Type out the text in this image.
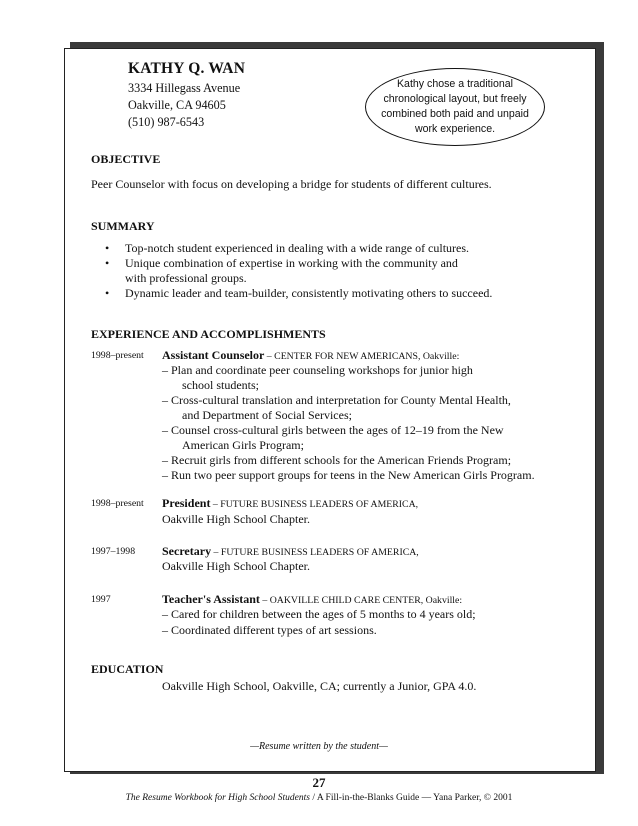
KATHY Q. WAN
3334 Hillegass Avenue
Oakville, CA 94605
(510) 987-6543
Kathy chose a traditional
chronological layout, but freely
combined both paid and unpaid
work experience.
OBJECTIVE
Peer Counselor with focus on developing a bridge for students of different cultures.
SUMMARY
• Top-notch student experienced in dealing with a wide range of cultures.
• Unique combination of expertise in working with the community and
with professional groups.
• Dynamic leader and team-builder, consistently motivating others to succeed.
EXPERIENCE AND ACCOMPLISHMENTS
1998–present Assistant Counselor – CENTER FOR NEW AMERICANS, Oakville:
– Plan and coordinate peer counseling workshops for junior high
school students;
– Cross-cultural translation and interpretation for County Mental Health,
and Department of Social Services;
– Counsel cross-cultural girls between the ages of 12–19 from the New
American Girls Program;
– Recruit girls from different schools for the American Friends Program;
– Run two peer support groups for teens in the New American Girls Program.
1998–present President – FUTURE BUSINESS LEADERS OF AMERICA,
Oakville High School Chapter.
1997–1998 Secretary – FUTURE BUSINESS LEADERS OF AMERICA,
Oakville High School Chapter.
1997	Teacher's Assistant – OAKVILLE CHILD CARE CENTER, Oakville:
– Cared for children between the ages of 5 months to 4 years old;
– Coordinated different types of art sessions.
EDUCATION
Oakville High School, Oakville, CA; currently a Junior, GPA 4.0.
—Resume written by the student—
27
The Resume Workbook for High School Students / A Fill-in-the-Blanks Guide — Yana Parker, © 2001
